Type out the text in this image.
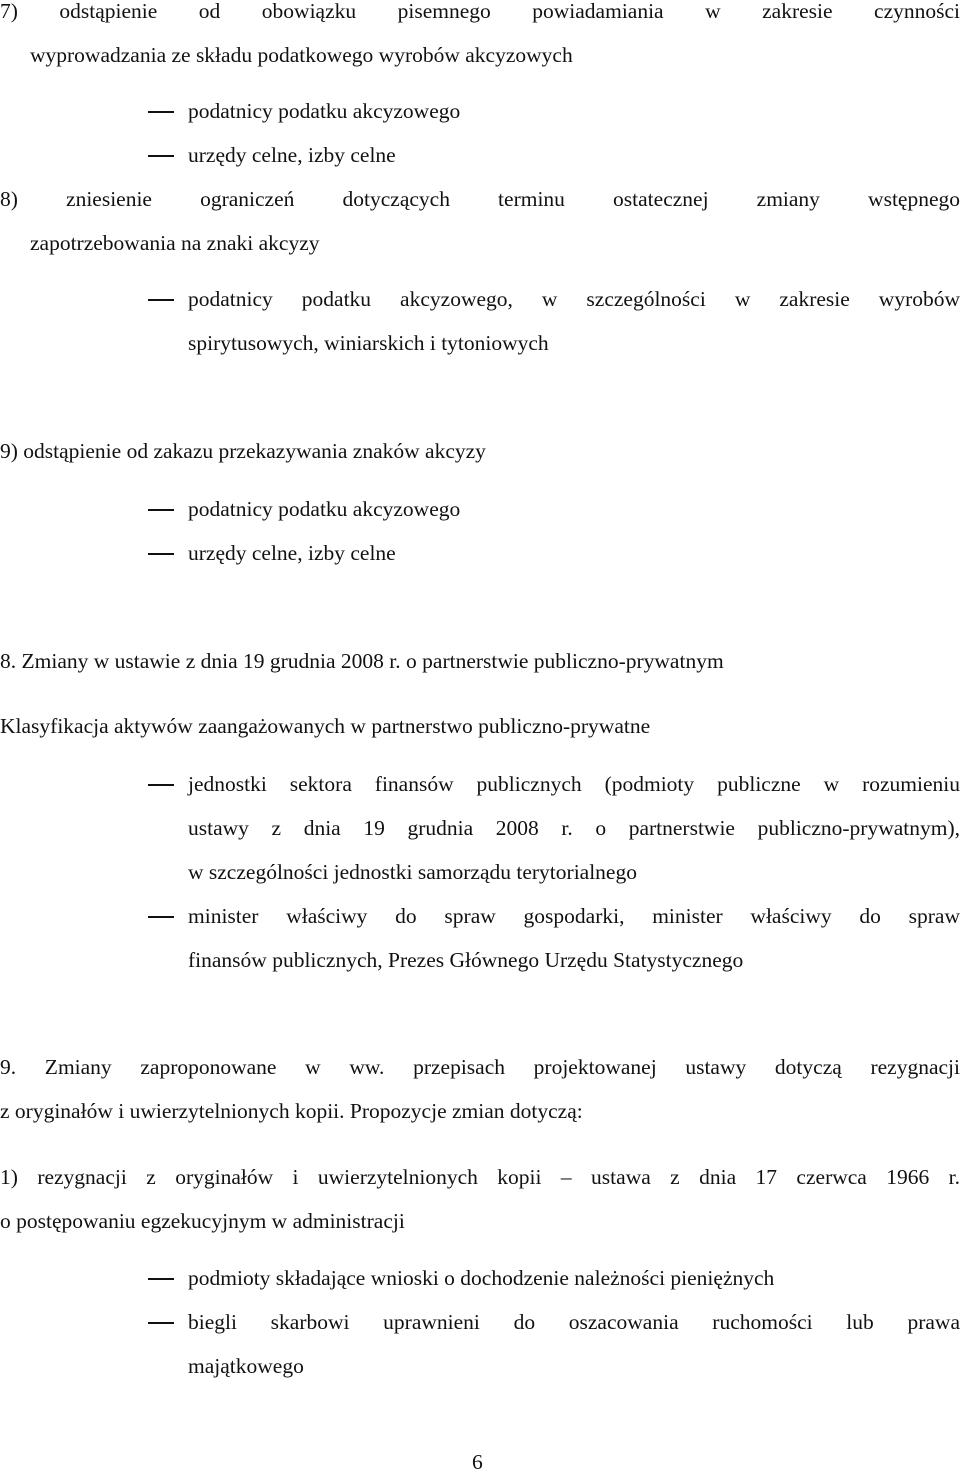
7) odstąpienie od obowiązku pisemnego powiadamiania w zakresie czynności
wyprowadzania ze składu podatkowego wyrobów akcyzowych
podatnicy podatku akcyzowego
urzędy celne, izby celne
8) zniesienie ograniczeń dotyczących terminu ostatecznej zmiany wstępnego
zapotrzebowania na znaki akcyzy
podatnicy podatku akcyzowego, w szczególności w zakresie wyrobów
spirytusowych, winiarskich i tytoniowych
9) odstąpienie od zakazu przekazywania znaków akcyzy
podatnicy podatku akcyzowego
urzędy celne, izby celne
8. Zmiany w ustawie z dnia 19 grudnia 2008 r. o partnerstwie publiczno-prywatnym
Klasyfikacja aktywów zaangażowanych w partnerstwo publiczno-prywatne
jednostki sektora finansów publicznych (podmioty publiczne w rozumieniu
ustawy z dnia 19 grudnia 2008 r. o partnerstwie publiczno-prywatnym),
w szczególności jednostki samorządu terytorialnego
minister właściwy do spraw gospodarki, minister właściwy do spraw
finansów publicznych, Prezes Głównego Urzędu Statystycznego
9. Zmiany zaproponowane w ww. przepisach projektowanej ustawy dotyczą rezygnacji
z oryginałów i uwierzytelnionych kopii. Propozycje zmian dotyczą:
1) rezygnacji z oryginałów i uwierzytelnionych kopii – ustawa z dnia 17 czerwca 1966 r.
o postępowaniu egzekucyjnym w administracji
podmioty składające wnioski o dochodzenie należności pieniężnych
biegli skarbowi uprawnieni do oszacowania ruchomości lub prawa
majątkowego
6
